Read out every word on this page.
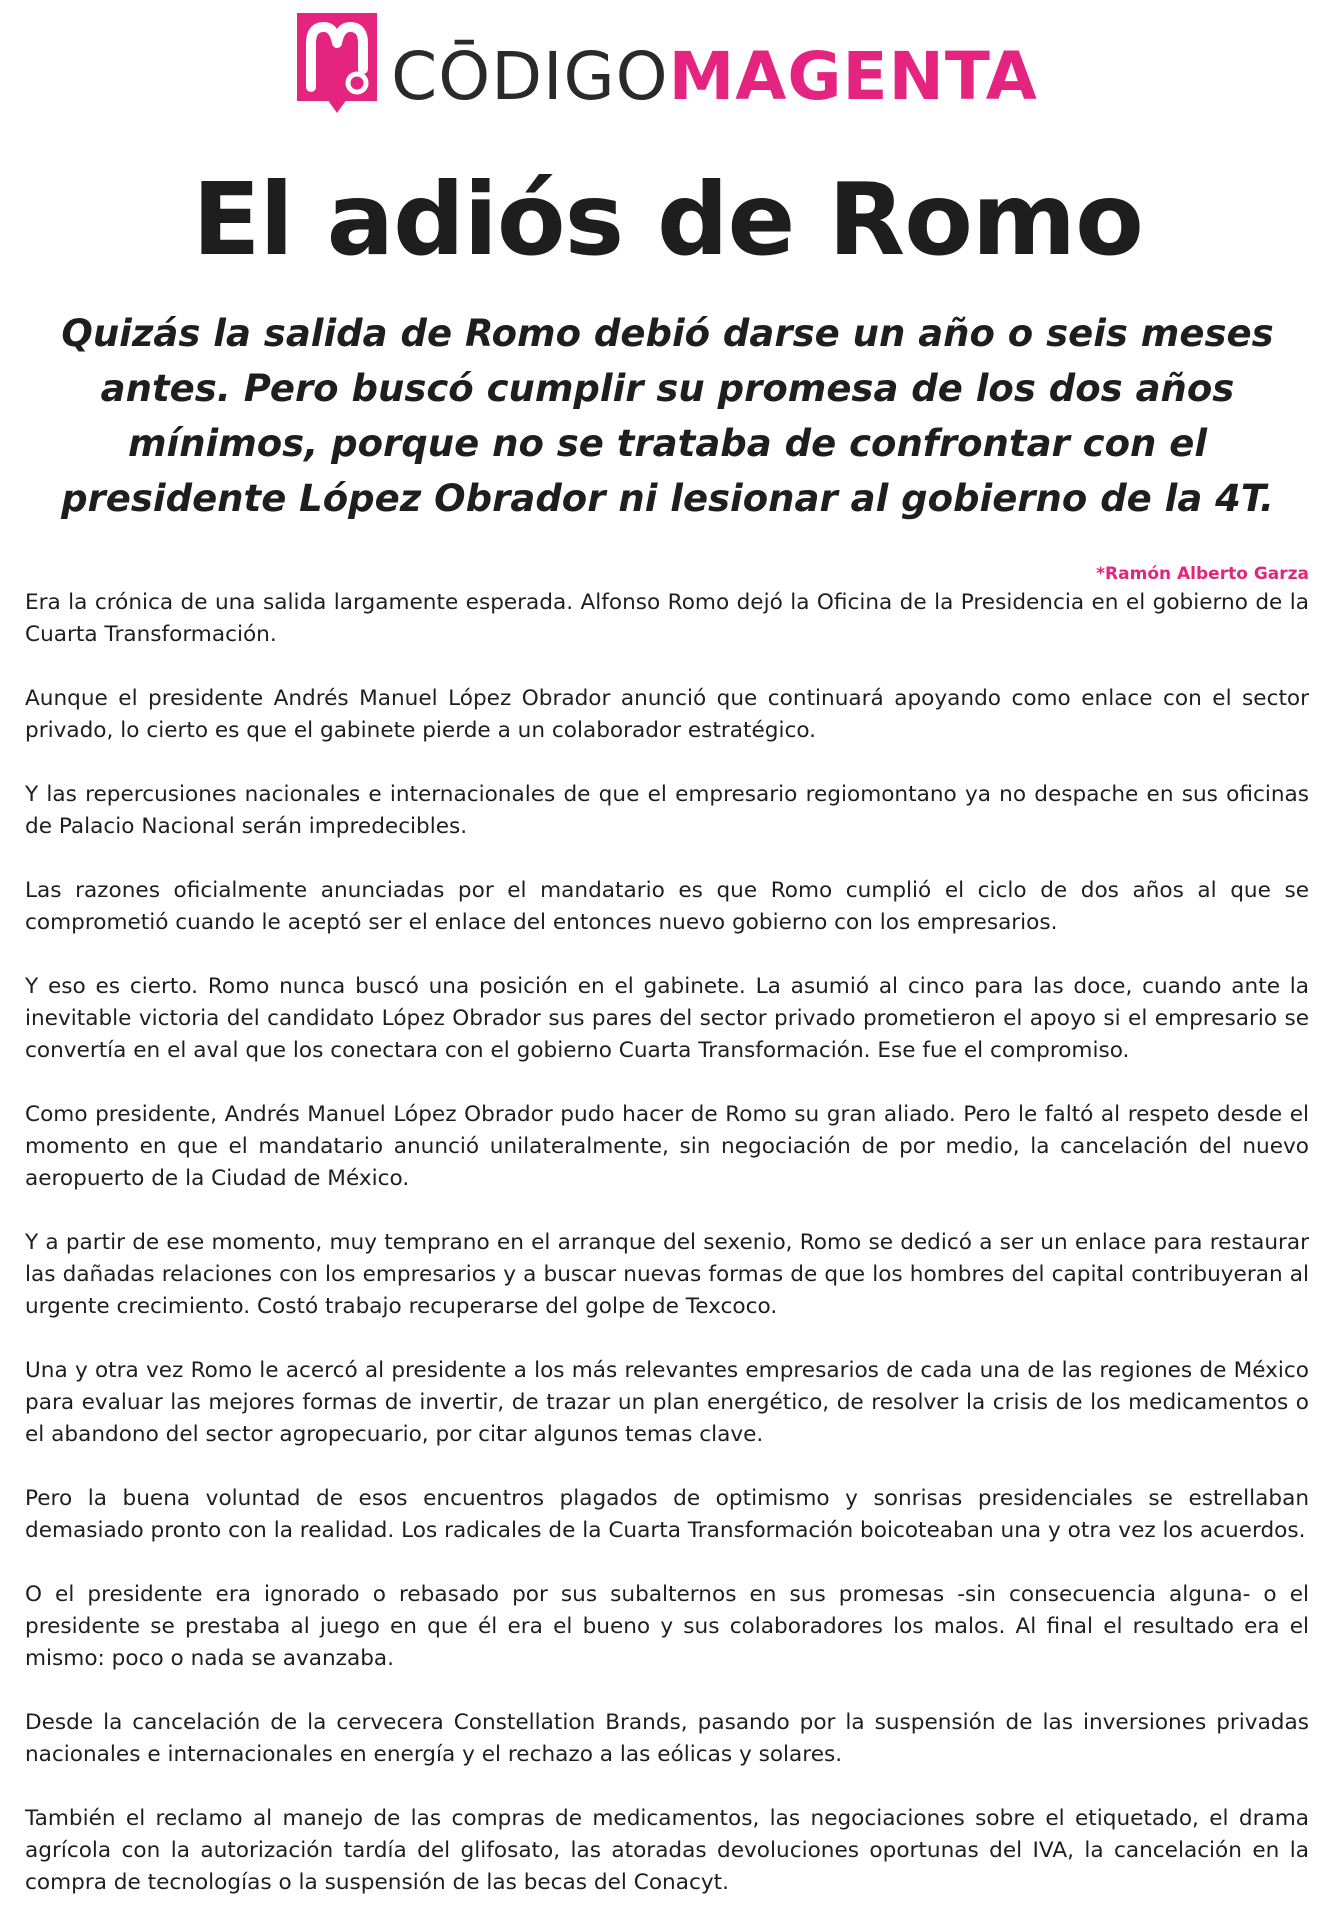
CŌDIGOMAGENTA
El adiós de Romo
Quizás la salida de Romo debió darse un año o seis meses antes. Pero buscó cumplir su promesa de los dos años mínimos, porque no se trataba de confrontar con el presidente López Obrador ni lesionar al gobierno de la 4T.

*Ramón Alberto Garza

Era la crónica de una salida largamente esperada. Alfonso Romo dejó la Oficina de la Presidencia en el gobierno de la Cuarta Transformación.

Aunque el presidente Andrés Manuel López Obrador anunció que continuará apoyando como enlace con el sector privado, lo cierto es que el gabinete pierde a un colaborador estratégico.

Y las repercusiones nacionales e internacionales de que el empresario regiomontano ya no despache en sus oficinas de Palacio Nacional serán impredecibles.

Las razones oficialmente anunciadas por el mandatario es que Romo cumplió el ciclo de dos años al que se comprometió cuando le aceptó ser el enlace del entonces nuevo gobierno con los empresarios.

Y eso es cierto. Romo nunca buscó una posición en el gabinete. La asumió al cinco para las doce, cuando ante la inevitable victoria del candidato López Obrador sus pares del sector privado prometieron el apoyo si el empresario se convertía en el aval que los conectara con el gobierno Cuarta Transformación. Ese fue el compromiso.

Como presidente, Andrés Manuel López Obrador pudo hacer de Romo su gran aliado. Pero le faltó al respeto desde el momento en que el mandatario anunció unilateralmente, sin negociación de por medio, la cancelación del nuevo aeropuerto de la Ciudad de México.

Y a partir de ese momento, muy temprano en el arranque del sexenio, Romo se dedicó a ser un enlace para restaurar las dañadas relaciones con los empresarios y a buscar nuevas formas de que los hombres del capital contribuyeran al urgente crecimiento. Costó trabajo recuperarse del golpe de Texcoco.

Una y otra vez Romo le acercó al presidente a los más relevantes empresarios de cada una de las regiones de México para evaluar las mejores formas de invertir, de trazar un plan energético, de resolver la crisis de los medicamentos o el abandono del sector agropecuario, por citar algunos temas clave.

Pero la buena voluntad de esos encuentros plagados de optimismo y sonrisas presidenciales se estrellaban demasiado pronto con la realidad. Los radicales de la Cuarta Transformación boicoteaban una y otra vez los acuerdos.

O el presidente era ignorado o rebasado por sus subalternos en sus promesas -sin consecuencia alguna- o el presidente se prestaba al juego en que él era el bueno y sus colaboradores los malos. Al final el resultado era el mismo: poco o nada se avanzaba.

Desde la cancelación de la cervecera Constellation Brands, pasando por la suspensión de las inversiones privadas nacionales e internacionales en energía y el rechazo a las eólicas y solares.

También el reclamo al manejo de las compras de medicamentos, las negociaciones sobre el etiquetado, el drama agrícola con la autorización tardía del glifosato, las atoradas devoluciones oportunas del IVA, la cancelación en la compra de tecnologías o la suspensión de las becas del Conacyt.
